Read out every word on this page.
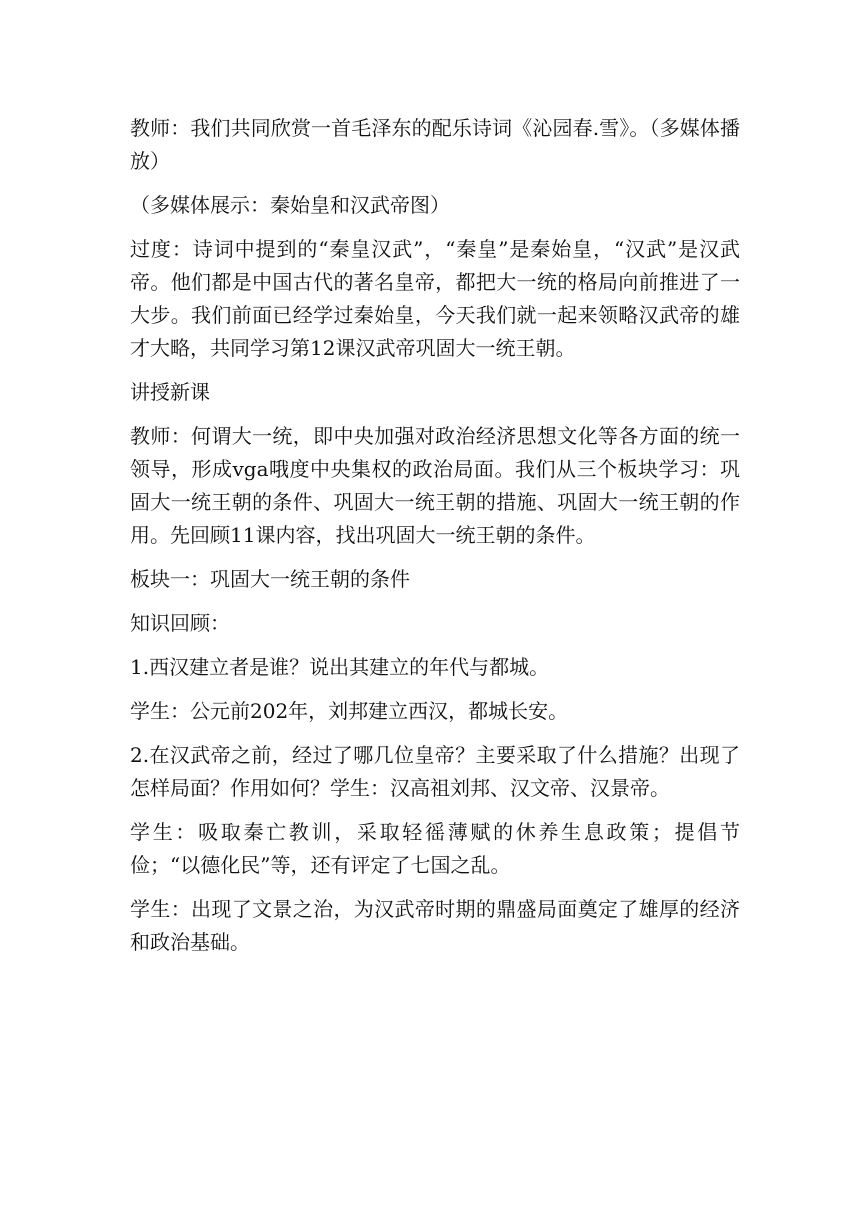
教师：我们共同欣赏一首毛泽东的配乐诗词《沁园春.雪》。（多媒体播放）

（多媒体展示：秦始皇和汉武帝图）

过度：诗词中提到的“秦皇汉武”，“秦皇”是秦始皇，“汉武”是汉武帝。他们都是中国古代的著名皇帝，都把大一统的格局向前推进了一大步。我们前面已经学过秦始皇，今天我们就一起来领略汉武帝的雄才大略，共同学习第12课汉武帝巩固大一统王朝。

讲授新课

教师：何谓大一统，即中央加强对政治经济思想文化等各方面的统一领导，形成vga哦度中央集权的政治局面。我们从三个板块学习：巩固大一统王朝的条件、巩固大一统王朝的措施、巩固大一统王朝的作用。先回顾11课内容，找出巩固大一统王朝的条件。

板块一：巩固大一统王朝的条件

知识回顾：

1.西汉建立者是谁？说出其建立的年代与都城。

学生：公元前202年，刘邦建立西汉，都城长安。

2.在汉武帝之前，经过了哪几位皇帝？主要采取了什么措施？出现了怎样局面？作用如何？学生：汉高祖刘邦、汉文帝、汉景帝。

学生：吸取秦亡教训，采取轻徭薄赋的休养生息政策；提倡节俭；“以德化民”等，还有评定了七国之乱。

学生：出现了文景之治，为汉武帝时期的鼎盛局面奠定了雄厚的经济和政治基础。
